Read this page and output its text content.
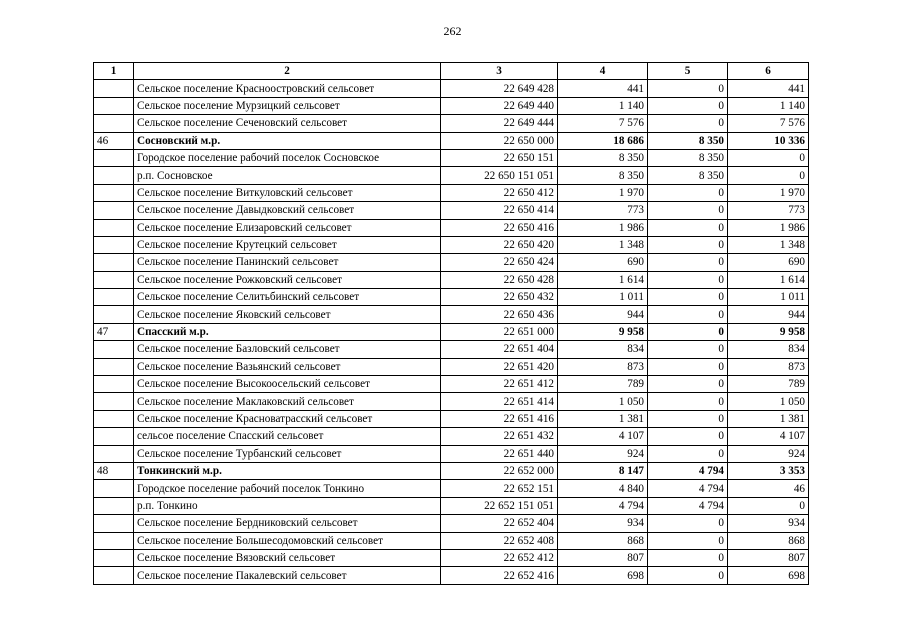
262
1	2	3	4	5	6
	Сельское поселение Красноостровский сельсовет	22 649 428	441	0	441
	Сельское поселение Мурзицкий сельсовет	22 649 440	1 140	0	1 140
	Сельское поселение Сеченовский сельсовет	22 649 444	7 576	0	7 576
46	Сосновский м.р.	22 650 000	18 686	8 350	10 336
	Городское поселение рабочий поселок Сосновское	22 650 151	8 350	8 350	0
	р.п. Сосновское	22 650 151 051	8 350	8 350	0
	Сельское поселение Виткуловский сельсовет	22 650 412	1 970	0	1 970
	Сельское поселение Давыдковский сельсовет	22 650 414	773	0	773
	Сельское поселение Елизаровский сельсовет	22 650 416	1 986	0	1 986
	Сельское поселение Крутецкий сельсовет	22 650 420	1 348	0	1 348
	Сельское поселение Панинский сельсовет	22 650 424	690	0	690
	Сельское поселение Рожковский сельсовет	22 650 428	1 614	0	1 614
	Сельское поселение Селитьбинский сельсовет	22 650 432	1 011	0	1 011
	Сельское поселение Яковский сельсовет	22 650 436	944	0	944
47	Спасский м.р.	22 651 000	9 958	0	9 958
	Сельское поселение Базловский сельсовет	22 651 404	834	0	834
	Сельское поселение Вазьянский сельсовет	22 651 420	873	0	873
	Сельское поселение Высокоосельский сельсовет	22 651 412	789	0	789
	Сельское поселение Маклаковский сельсовет	22 651 414	1 050	0	1 050
	Сельское поселение Красноватрасский сельсовет	22 651 416	1 381	0	1 381
	сельсое поселение Спасский сельсовет	22 651 432	4 107	0	4 107
	Сельское поселение Турбанский сельсовет	22 651 440	924	0	924
48	Тонкинский м.р.	22 652 000	8 147	4 794	3 353
	Городское поселение рабочий поселок Тонкино	22 652 151	4 840	4 794	46
	р.п. Тонкино	22 652 151 051	4 794	4 794	0
	Сельское поселение Бердниковский сельсовет	22 652 404	934	0	934
	Сельское поселение Большесодомовский сельсовет	22 652 408	868	0	868
	Сельское поселение Вязовский сельсовет	22 652 412	807	0	807
	Сельское поселение Пакалевский сельсовет	22 652 416	698	0	698
